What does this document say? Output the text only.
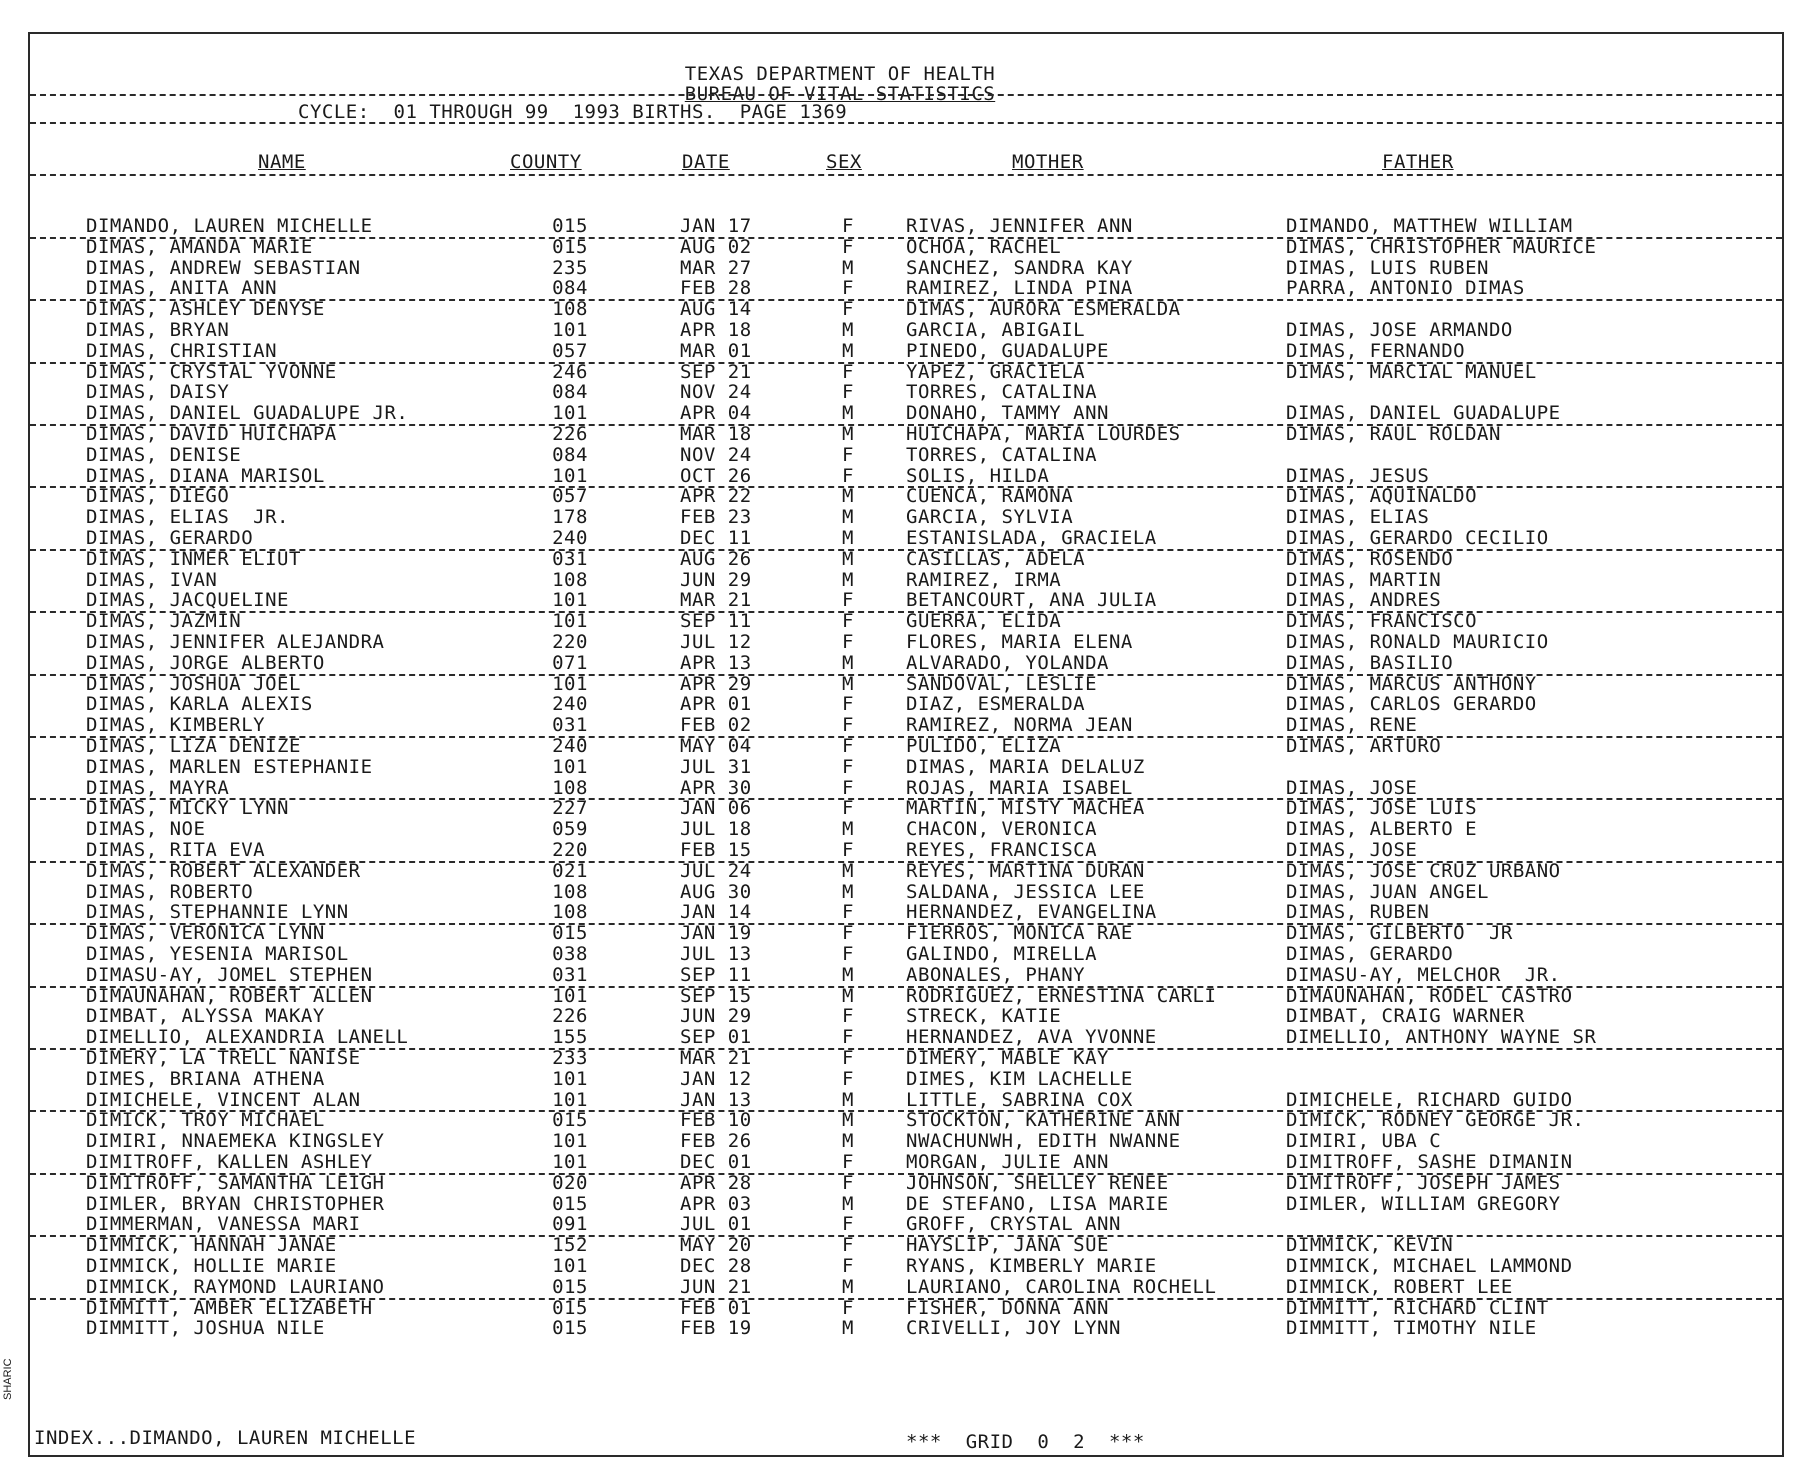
TEXAS DEPARTMENT OF HEALTH
BUREAU OF VITAL STATISTICS
CYCLE:  01 THROUGH 99  1993 BIRTHS.  PAGE 1369
NAME	COUNTY	DATE	SEX	MOTHER	FATHER
DIMANDO, LAUREN MICHELLE	015	JAN 17	F	RIVAS, JENNIFER ANN	DIMANDO, MATTHEW WILLIAM
DIMAS, AMANDA MARIE	015	AUG 02	F	OCHOA, RACHEL	DIMAS, CHRISTOPHER MAURICE
DIMAS, ANDREW SEBASTIAN	235	MAR 27	M	SANCHEZ, SANDRA KAY	DIMAS, LUIS RUBEN
DIMAS, ANITA ANN	084	FEB 28	F	RAMIREZ, LINDA PINA	PARRA, ANTONIO DIMAS
DIMAS, ASHLEY DENYSE	108	AUG 14	F	DIMAS, AURORA ESMERALDA
DIMAS, BRYAN	101	APR 18	M	GARCIA, ABIGAIL	DIMAS, JOSE ARMANDO
DIMAS, CHRISTIAN	057	MAR 01	M	PINEDO, GUADALUPE	DIMAS, FERNANDO
DIMAS, CRYSTAL YVONNE	246	SEP 21	F	YAPEZ, GRACIELA	DIMAS, MARCIAL MANUEL
DIMAS, DAISY	084	NOV 24	F	TORRES, CATALINA
DIMAS, DANIEL GUADALUPE JR.	101	APR 04	M	DONAHO, TAMMY ANN	DIMAS, DANIEL GUADALUPE
DIMAS, DAVID HUICHAPA	226	MAR 18	M	HUICHAPA, MARIA LOURDES	DIMAS, RAUL ROLDAN
DIMAS, DENISE	084	NOV 24	F	TORRES, CATALINA
DIMAS, DIANA MARISOL	101	OCT 26	F	SOLIS, HILDA	DIMAS, JESUS
DIMAS, DIEGO	057	APR 22	M	CUENCA, RAMONA	DIMAS, AQUINALDO
DIMAS, ELIAS  JR.	178	FEB 23	M	GARCIA, SYLVIA	DIMAS, ELIAS
DIMAS, GERARDO	240	DEC 11	M	ESTANISLADA, GRACIELA	DIMAS, GERARDO CECILIO
DIMAS, INMER ELIUT	031	AUG 26	M	CASILLAS, ADELA	DIMAS, ROSENDO
DIMAS, IVAN	108	JUN 29	M	RAMIREZ, IRMA	DIMAS, MARTIN
DIMAS, JACQUELINE	101	MAR 21	F	BETANCOURT, ANA JULIA	DIMAS, ANDRES
DIMAS, JAZMIN	101	SEP 11	F	GUERRA, ELIDA	DIMAS, FRANCISCO
DIMAS, JENNIFER ALEJANDRA	220	JUL 12	F	FLORES, MARIA ELENA	DIMAS, RONALD MAURICIO
DIMAS, JORGE ALBERTO	071	APR 13	M	ALVARADO, YOLANDA	DIMAS, BASILIO
DIMAS, JOSHUA JOEL	101	APR 29	M	SANDOVAL, LESLIE	DIMAS, MARCUS ANTHONY
DIMAS, KARLA ALEXIS	240	APR 01	F	DIAZ, ESMERALDA	DIMAS, CARLOS GERARDO
DIMAS, KIMBERLY	031	FEB 02	F	RAMIREZ, NORMA JEAN	DIMAS, RENE
DIMAS, LIZA DENIZE	240	MAY 04	F	PULIDO, ELIZA	DIMAS, ARTURO
DIMAS, MARLEN ESTEPHANIE	101	JUL 31	F	DIMAS, MARIA DELALUZ
DIMAS, MAYRA	108	APR 30	F	ROJAS, MARIA ISABEL	DIMAS, JOSE
DIMAS, MICKY LYNN	227	JAN 06	F	MARTIN, MISTY MACHEA	DIMAS, JOSE LUIS
DIMAS, NOE	059	JUL 18	M	CHACON, VERONICA	DIMAS, ALBERTO E
DIMAS, RITA EVA	220	FEB 15	F	REYES, FRANCISCA	DIMAS, JOSE
DIMAS, ROBERT ALEXANDER	021	JUL 24	M	REYES, MARTINA DURAN	DIMAS, JOSE CRUZ URBANO
DIMAS, ROBERTO	108	AUG 30	M	SALDANA, JESSICA LEE	DIMAS, JUAN ANGEL
DIMAS, STEPHANNIE LYNN	108	JAN 14	F	HERNANDEZ, EVANGELINA	DIMAS, RUBEN
DIMAS, VERONICA LYNN	015	JAN 19	F	FIERROS, MONICA RAE	DIMAS, GILBERTO  JR
DIMAS, YESENIA MARISOL	038	JUL 13	F	GALINDO, MIRELLA	DIMAS, GERARDO
DIMASU-AY, JOMEL STEPHEN	031	SEP 11	M	ABONALES, PHANY	DIMASU-AY, MELCHOR  JR.
DIMAUNAHAN, ROBERT ALLEN	101	SEP 15	M	RODRIGUEZ, ERNESTINA CARLI	DIMAUNAHAN, RODEL CASTRO
DIMBAT, ALYSSA MAKAY	226	JUN 29	F	STRECK, KATIE	DIMBAT, CRAIG WARNER
DIMELLIO, ALEXANDRIA LANELL	155	SEP 01	F	HERNANDEZ, AVA YVONNE	DIMELLIO, ANTHONY WAYNE SR
DIMERY, LA TRELL NANISE	233	MAR 21	F	DIMERY, MABLE KAY
DIMES, BRIANA ATHENA	101	JAN 12	F	DIMES, KIM LACHELLE
DIMICHELE, VINCENT ALAN	101	JAN 13	M	LITTLE, SABRINA COX	DIMICHELE, RICHARD GUIDO
DIMICK, TROY MICHAEL	015	FEB 10	M	STOCKTON, KATHERINE ANN	DIMICK, RODNEY GEORGE JR.
DIMIRI, NNAEMEKA KINGSLEY	101	FEB 26	M	NWACHUNWH, EDITH NWANNE	DIMIRI, UBA C
DIMITROFF, KALLEN ASHLEY	101	DEC 01	F	MORGAN, JULIE ANN	DIMITROFF, SASHE DIMANIN
DIMITROFF, SAMANTHA LEIGH	020	APR 28	F	JOHNSON, SHELLEY RENEE	DIMITROFF, JOSEPH JAMES
DIMLER, BRYAN CHRISTOPHER	015	APR 03	M	DE STEFANO, LISA MARIE	DIMLER, WILLIAM GREGORY
DIMMERMAN, VANESSA MARI	091	JUL 01	F	GROFF, CRYSTAL ANN
DIMMICK, HANNAH JANAE	152	MAY 20	F	HAYSLIP, JANA SUE	DIMMICK, KEVIN
DIMMICK, HOLLIE MARIE	101	DEC 28	F	RYANS, KIMBERLY MARIE	DIMMICK, MICHAEL LAMMOND
DIMMICK, RAYMOND LAURIANO	015	JUN 21	M	LAURIANO, CAROLINA ROCHELL	DIMMICK, ROBERT LEE
DIMMITT, AMBER ELIZABETH	015	FEB 01	F	FISHER, DONNA ANN	DIMMITT, RICHARD CLINT
DIMMITT, JOSHUA NILE	015	FEB 19	M	CRIVELLI, JOY LYNN	DIMMITT, TIMOTHY NILE
INDEX...DIMANDO, LAUREN MICHELLE	***  GRID  0  2  ***
SHARIC
